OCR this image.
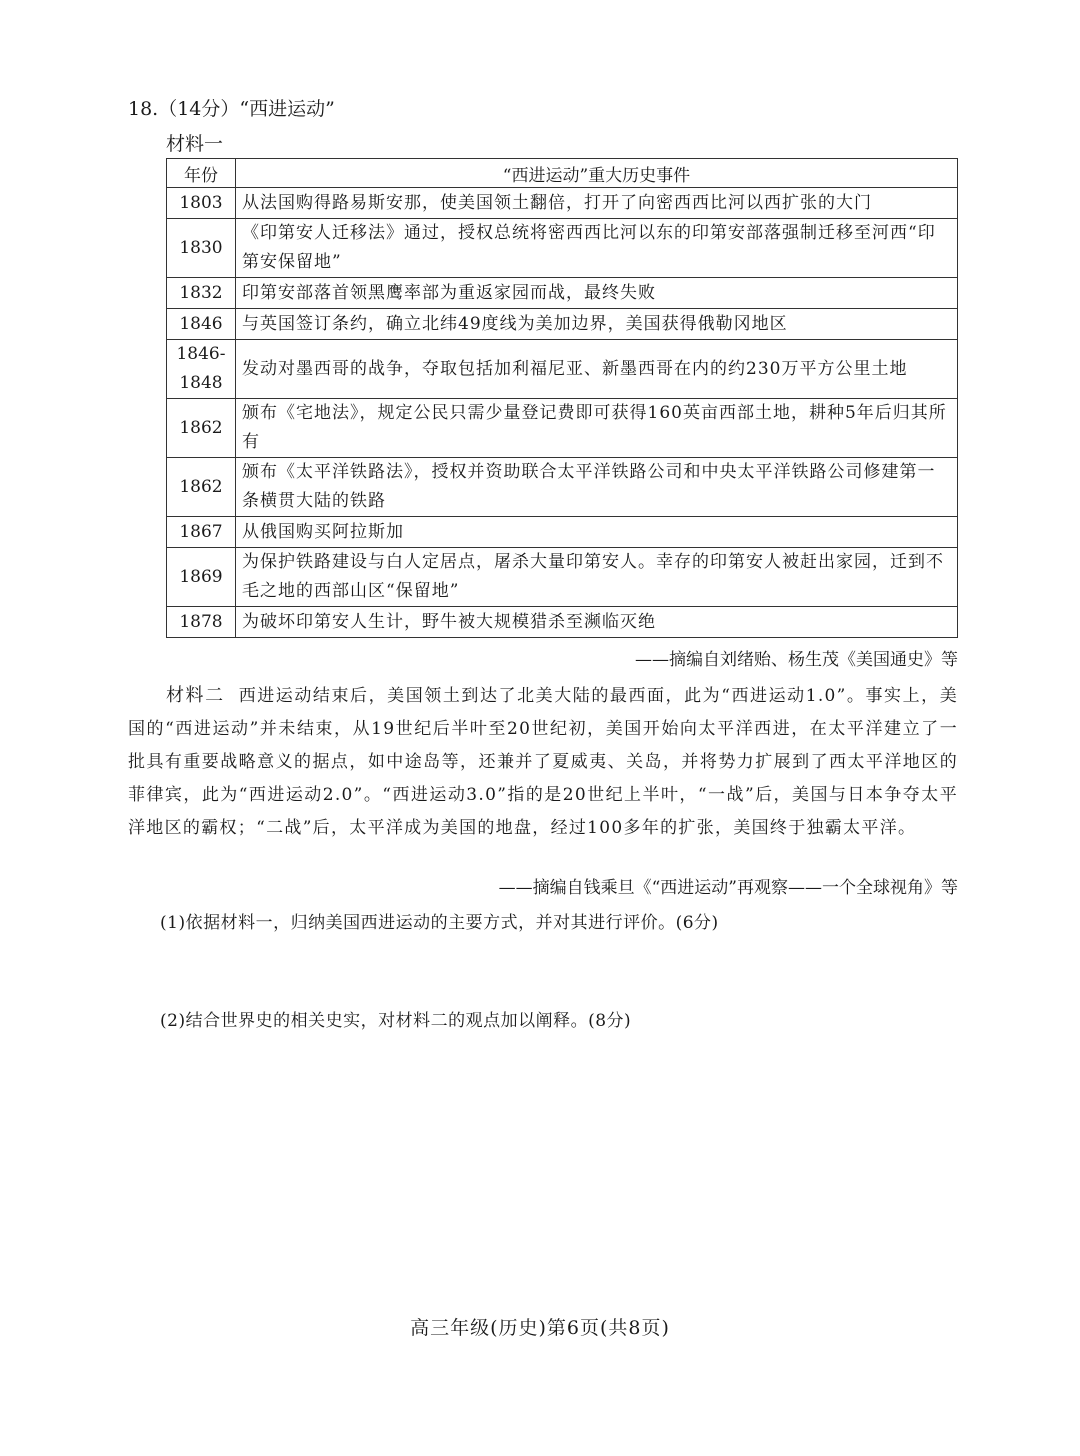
18.（14分）“西进运动”
材料一
年份	“西进运动”重大历史事件
1803	从法国购得路易斯安那，使美国领土翻倍，打开了向密西西比河以西扩张的大门
1830	《印第安人迁移法》通过，授权总统将密西西比河以东的印第安部落强制迁移至河西“印第安保留地”
1832	印第安部落首领黑鹰率部为重返家园而战，最终失败
1846	与英国签订条约，确立北纬49度线为美加边界，美国获得俄勒冈地区

1846-
1848	发动对墨西哥的战争，夺取包括加利福尼亚、新墨西哥在内的约230万平方公里土地
1862	颁布《宅地法》，规定公民只需少量登记费即可获得160英亩西部土地，耕种5年后归其所有
1862	颁布《太平洋铁路法》，授权并资助联合太平洋铁路公司和中央太平洋铁路公司修建第一条横贯大陆的铁路
1867	从俄国购买阿拉斯加
1869	为保护铁路建设与白人定居点，屠杀大量印第安人。幸存的印第安人被赶出家园，迁到不毛之地的西部山区“保留地”
1878	为破坏印第安人生计，野牛被大规模猎杀至濒临灭绝
——摘编自刘绪贻、杨生茂《美国通史》等
材料二 西进运动结束后，美国领土到达了北美大陆的最西面，此为“西进运动1.0”。事实上，美国的“西进运动”并未结束，从19世纪后半叶至20世纪初，美国开始向太平洋西进，在太平洋建立了一批具有重要战略意义的据点，如中途岛等，还兼并了夏威夷、关岛，并将势力扩展到了西太平洋地区的菲律宾，此为“西进运动2.0”。“西进运动3.0”指的是20世纪上半叶，“一战”后，美国与日本争夺太平洋地区的霸权；“二战”后，太平洋成为美国的地盘，经过100多年的扩张，美国终于独霸太平洋。
——摘编自钱乘旦《“西进运动”再观察——一个全球视角》等
(1)依据材料一，归纳美国西进运动的主要方式，并对其进行评价。(6分)
(2)结合世界史的相关史实，对材料二的观点加以阐释。(8分)
高三年级(历史)第6页(共8页)
